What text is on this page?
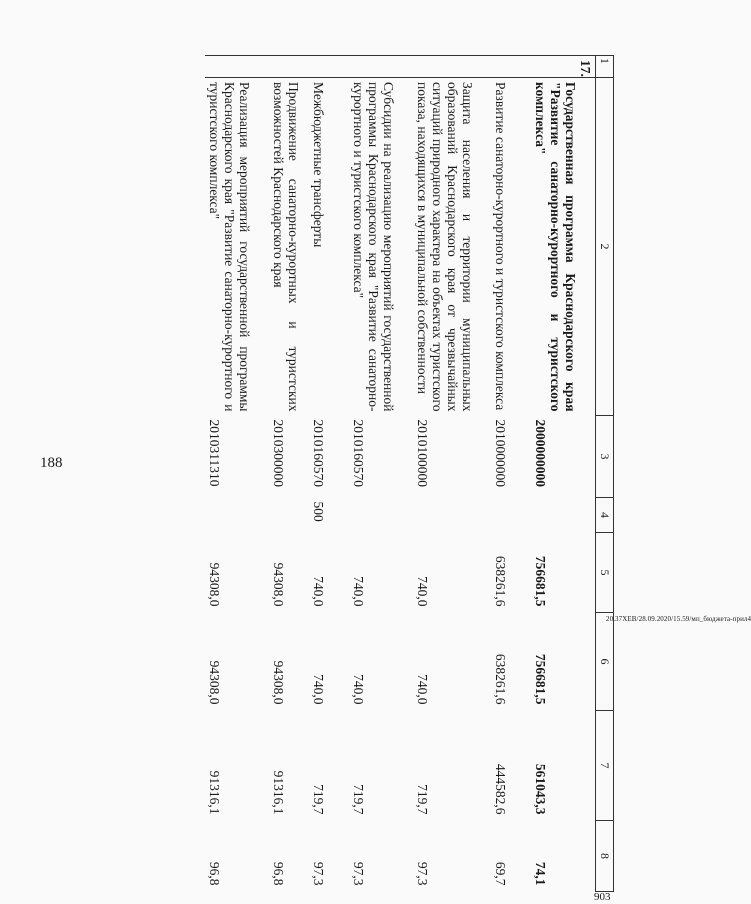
188
903
20.37ХЕВ/28.09.2020/15.59/мп_бюджета-прил4
1	2	3	4	5	6	7	8
17.	Государственная программа Краснодарского края "Развитие санаторно-курортного и туристского комплекса"	2000000000		756681,5	756681,5	561043,3	74,1
	Развитие санаторно-курортного и туристского комплекса	2010000000		638261,6	638261,6	444582,6	69,7
	Защита населения и территории муниципальных образований Краснодарского края от чрезвычайных ситуаций природного характера на объектах туристского показа, находящихся в муниципальной собственности	2010100000		740,0	740,0	719,7	97,3
	Субсидии на реализацию мероприятий государственной программы Краснодарского края "Развитие санаторно-курортного и туристского комплекса"	2010160570		740,0	740,0	719,7	97,3
	Межбюджетные трансферты	2010160570	500	740,0	740,0	719,7	97,3
	Продвижение санаторно-курортных и туристских возможностей Краснодарского края	2010300000		94308,0	94308,0	91316,1	96,8
	Реализация мероприятий государственной программы Краснодарского края "Развитие санаторно-курортного и туристского комплекса"	2010311310		94308,0	94308,0	91316,1	96,8
